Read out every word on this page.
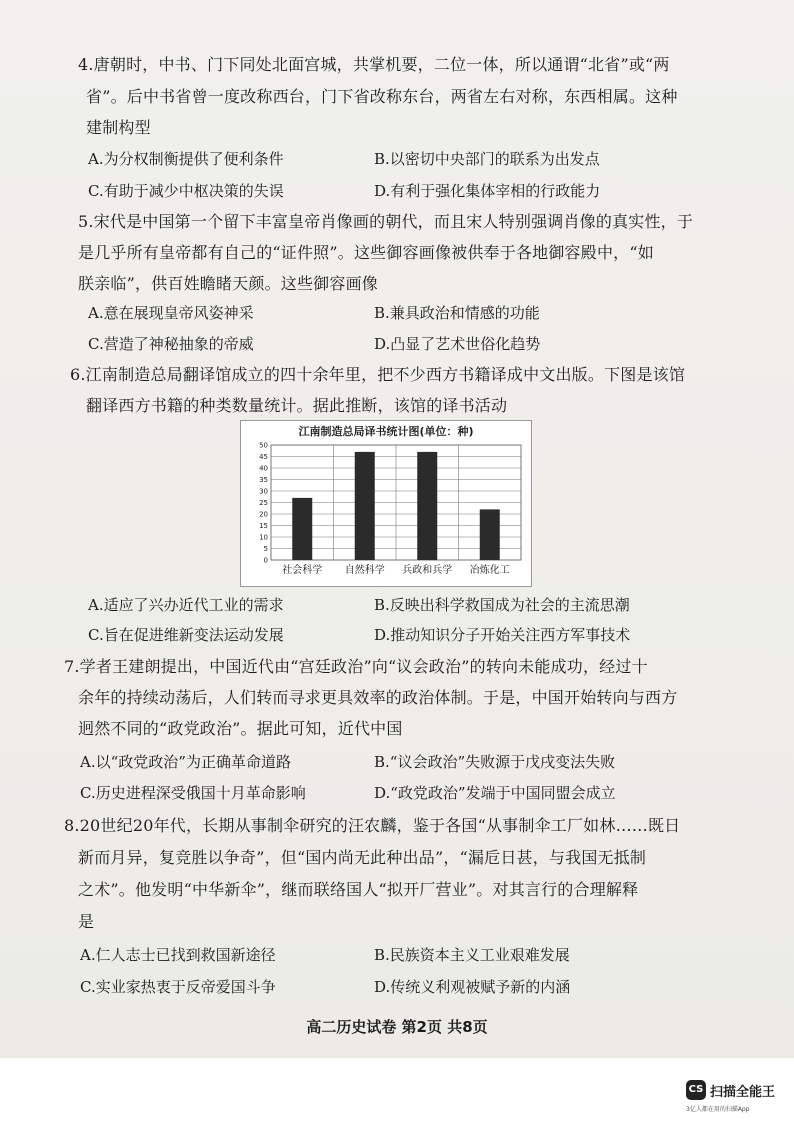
4.唐朝时，中书、门下同处北面宫城，共掌机要，二位一体，所以通谓“北省”或“两
省”。后中书省曾一度改称西台，门下省改称东台，两省左右对称，东西相属。这种
建制构型
A.为分权制衡提供了便利条件	B.以密切中央部门的联系为出发点
C.有助于减少中枢决策的失误	D.有利于强化集体宰相的行政能力
5.宋代是中国第一个留下丰富皇帝肖像画的朝代，而且宋人特别强调肖像的真实性，于
是几乎所有皇帝都有自己的“证件照”。这些御容画像被供奉于各地御容殿中，“如
朕亲临”，供百姓瞻睹天颜。这些御容画像
A.意在展现皇帝风姿神采	B.兼具政治和情感的功能
C.营造了神秘抽象的帝威	D.凸显了艺术世俗化趋势
6.江南制造总局翻译馆成立的四十余年里，把不少西方书籍译成中文出版。下图是该馆
翻译西方书籍的种类数量统计。据此推断，该馆的译书活动
江南制造总局译书统计图(单位：种)
0
5
10
15
20
25
30
35
40
45
50
社会科学 自然科学 兵政和兵学 冶炼化工
A.适应了兴办近代工业的需求	B.反映出科学救国成为社会的主流思潮
C.旨在促进维新变法运动发展	D.推动知识分子开始关注西方军事技术
7.学者王建朗提出，中国近代由“宫廷政治”向“议会政治”的转向未能成功，经过十
余年的持续动荡后，人们转而寻求更具效率的政治体制。于是，中国开始转向与西方
迥然不同的“政党政治”。据此可知，近代中国
A.以“政党政治”为正确革命道路	B.“议会政治”失败源于戊戌变法失败
C.历史进程深受俄国十月革命影响	D.“政党政治”发端于中国同盟会成立
8.20世纪20年代，长期从事制伞研究的汪农麟，鉴于各国“从事制伞工厂如林……既日
新而月异，复竞胜以争奇”，但“国内尚无此种出品”，“漏卮日甚，与我国无抵制
之术”。他发明“中华新伞”，继而联络国人“拟开厂营业”。对其言行的合理解释
是
A.仁人志士已找到救国新途径	B.民族资本主义工业艰难发展
C.实业家热衷于反帝爱国斗争	D.传统义利观被赋予新的内涵
高二历史试卷 第2页 共8页
CS 扫描全能王
3亿人都在用的扫描App
